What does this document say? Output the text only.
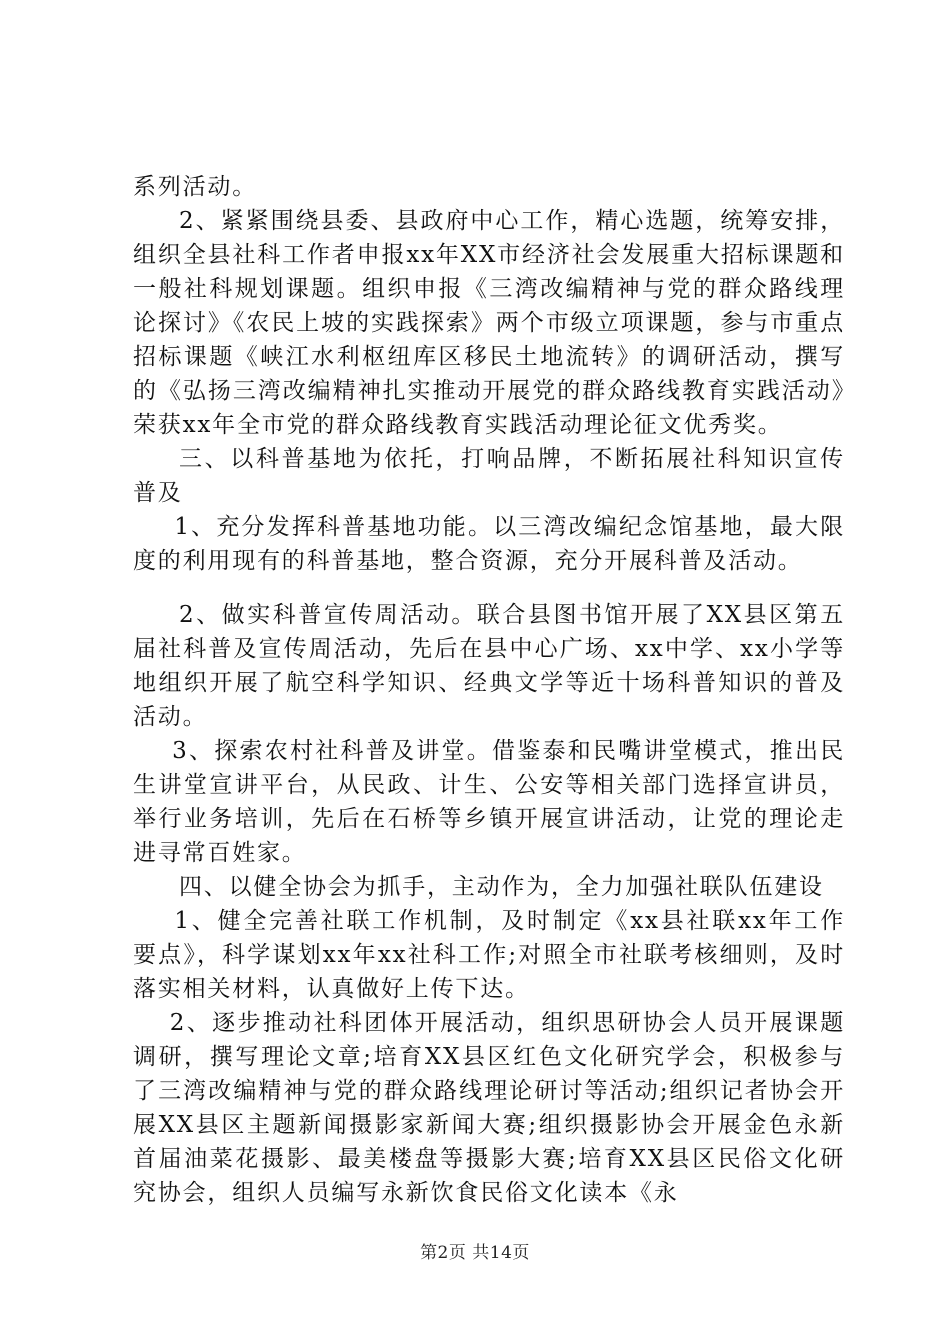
系列活动。

2、紧紧围绕县委、县政府中心工作，精心选题，统筹安排，组织全县社科工作者申报xx年XX市经济社会发展重大招标课题和一般社科规划课题。组织申报《三湾改编精神与党的群众路线理论探讨》《农民上坡的实践探索》两个市级立项课题，参与市重点招标课题《峡江水利枢纽库区移民土地流转》的调研活动，撰写的《弘扬三湾改编精神扎实推动开展党的群众路线教育实践活动》荣获xx年全市党的群众路线教育实践活动理论征文优秀奖。

三、以科普基地为依托，打响品牌，不断拓展社科知识宣传普及

1、充分发挥科普基地功能。以三湾改编纪念馆基地，最大限度的利用现有的科普基地，整合资源，充分开展科普及活动。

2、做实科普宣传周活动。联合县图书馆开展了XX县区第五届社科普及宣传周活动，先后在县中心广场、xx中学、xx小学等地组织开展了航空科学知识、经典文学等近十场科普知识的普及活动。

3、探索农村社科普及讲堂。借鉴泰和民嘴讲堂模式，推出民生讲堂宣讲平台，从民政、计生、公安等相关部门选择宣讲员，举行业务培训，先后在石桥等乡镇开展宣讲活动，让党的理论走进寻常百姓家。

四、以健全协会为抓手，主动作为，全力加强社联队伍建设

1、健全完善社联工作机制，及时制定《xx县社联xx年工作要点》，科学谋划xx年xx社科工作;对照全市社联考核细则，及时落实相关材料，认真做好上传下达。

2、逐步推动社科团体开展活动，组织思研协会人员开展课题调研，撰写理论文章;培育XX县区红色文化研究学会，积极参与了三湾改编精神与党的群众路线理论研讨等活动;组织记者协会开展XX县区主题新闻摄影家新闻大赛;组织摄影协会开展金色永新首届油菜花摄影、最美楼盘等摄影大赛;培育XX县区民俗文化研究协会，组织人员编写永新饮食民俗文化读本《永

第2页 共14页
